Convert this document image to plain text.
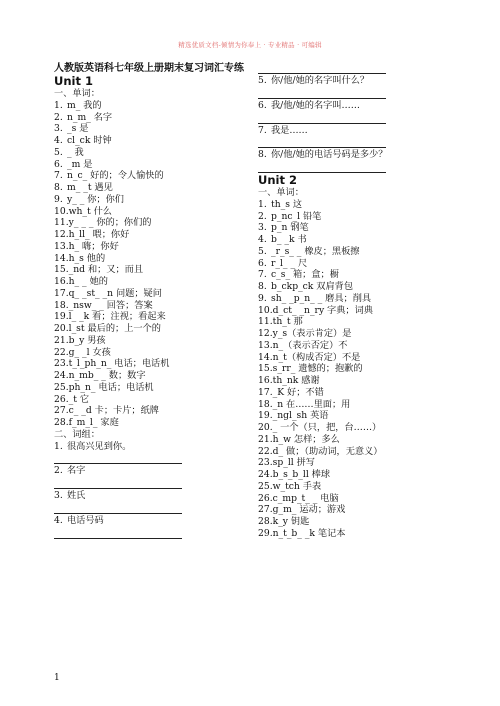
精选优质文档-倾情为你奉上 · 专业精品 · 可编辑
人教版英语科七年级上册期末复习词汇专练
Unit 1
一、单词：
1. m_ 我的
2. n_m_ 名字
3. _s 是
4. cl_ck 时钟
5. _ 我
6. _m 是
7. n_c_ 好的；令人愉快的
8. m_ _t 遇见
9. y_ _ 你；你们
10.wh_t 什么
11.y_ _ _ 你的；你们的
12.h_ll_ 喂；你好
13.h_ 嗨；你好
14.h_s 他的
15._nd 和；又；而且
16.h_ _ 她的
17.q_ _st_ _n 问题；疑问
18._nsw_ _ 回答；答案
19.l_ _k 看；注视；看起来
20.l_st 最后的；上一个的
21.b_y 男孩
22.g_ _l 女孩
23.t_l_ph_n_ 电话；电话机
24.n_mb_ _ 数；数字
25.ph_n_ 电话；电话机
26._t 它
27.c_ _d 卡；卡片；纸牌
28.f_m_l_ 家庭
二、词组：
1. 很高兴见到你。
2. 名字
3. 姓氏
4. 电话号码
5. 你/他/她的名字叫什么？
6. 我/他/她的名字叫……
7. 我是……
8. 你/他/她的电话号码是多少？
Unit 2
一、单词：
1. th_s 这
2. p_nc_l 铅笔
3. p_n 钢笔
4. b_ _k 书
5. _r_s_ _ 橡皮；黑板擦
6. r_l_ _ 尺
7. c_s_ 箱；盒；橱
8. b_ckp_ck 双肩背包
9. sh_ _p_n_ _ 磨具；削具
10.d_ct_ _n_ry 字典；词典
11.th_t 那
12.y_s（表示肯定）是
13.n_（表示否定）不
14.n_t（构成否定）不是
15.s_rr_ 遗憾的；抱歉的
16.th_nk 感谢
17._K 好；不错
18._n 在……里面；用
19._ngl_sh 英语
20._ 一个（只，把，台……）
21.h_w 怎样；多么
22.d_ 做；（助动词，无意义）
23.sp_ll 拼写
24.b_s_b_ll 棒球
25.w_tch 手表
26.c_mp_t_ _ 电脑
27.g_m_ 运动；游戏
28.k_y 钥匙
29.n_t_b_ _k 笔记本
1
